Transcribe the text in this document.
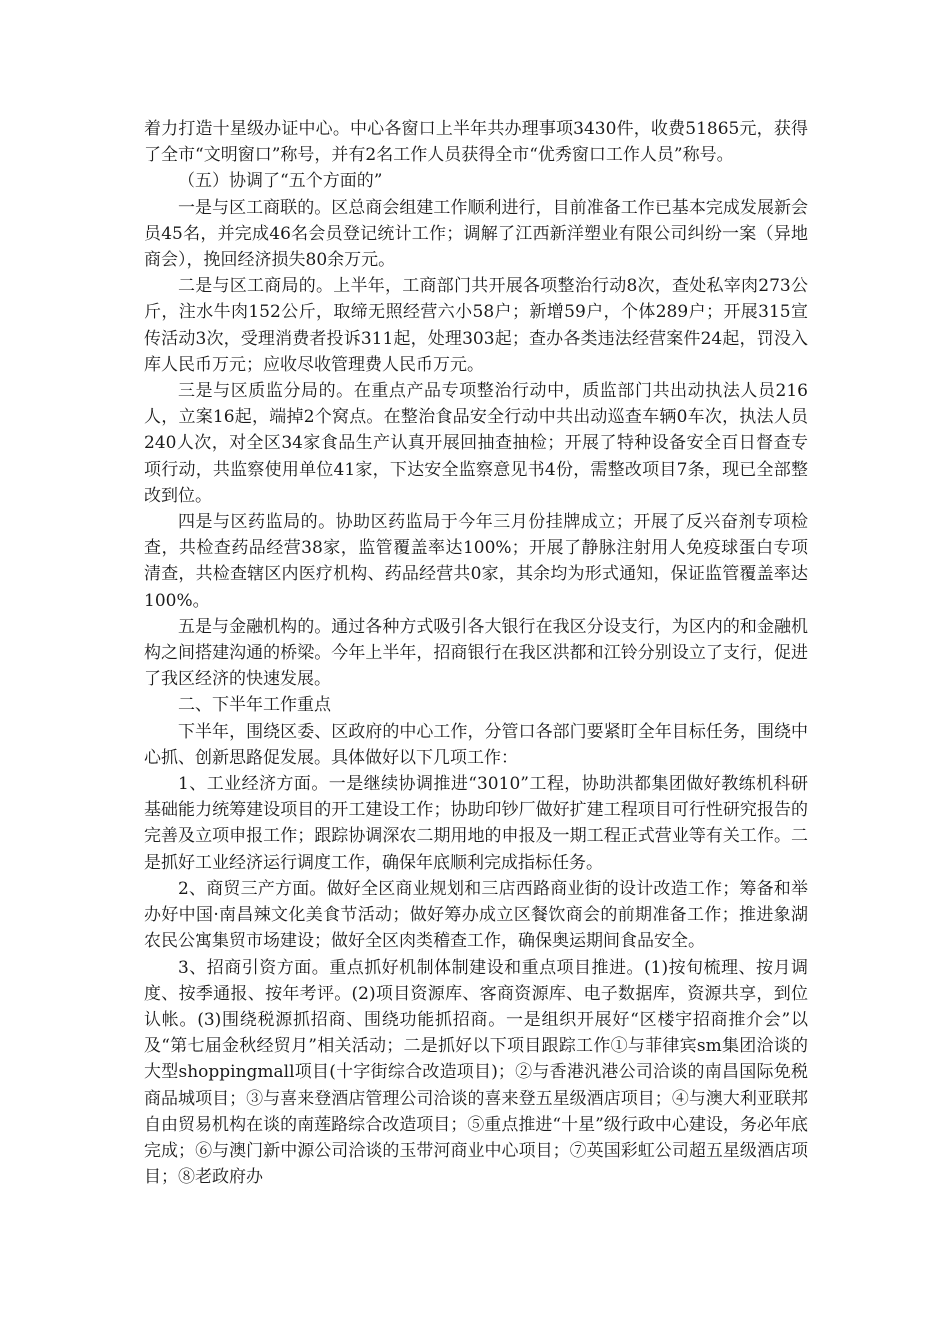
着力打造十星级办证中心。中心各窗口上半年共办理事项3430件，收费51865元，获得了全市“文明窗口”称号，并有2名工作人员获得全市“优秀窗口工作人员”称号。

（五）协调了“五个方面的”

一是与区工商联的。区总商会组建工作顺利进行，目前准备工作已基本完成发展新会员45名，并完成46名会员登记统计工作；调解了江西新洋塑业有限公司纠纷一案（异地商会），挽回经济损失80余万元。

二是与区工商局的。上半年，工商部门共开展各项整治行动8次，查处私宰肉273公斤，注水牛肉152公斤，取缔无照经营六小58户；新增59户，个体289户；开展315宣传活动3次，受理消费者投诉311起，处理303起；查办各类违法经营案件24起，罚没入库人民币万元；应收尽收管理费人民币万元。

三是与区质监分局的。在重点产品专项整治行动中，质监部门共出动执法人员216人，立案16起，端掉2个窝点。在整治食品安全行动中共出动巡查车辆0车次，执法人员240人次，对全区34家食品生产认真开展回抽查抽检；开展了特种设备安全百日督查专项行动，共监察使用单位41家，下达安全监察意见书4份，需整改项目7条，现已全部整改到位。

四是与区药监局的。协助区药监局于今年三月份挂牌成立；开展了反兴奋剂专项检查，共检查药品经营38家，监管覆盖率达100%；开展了静脉注射用人免疫球蛋白专项清查，共检查辖区内医疗机构、药品经营共0家，其余均为形式通知，保证监管覆盖率达100%。

五是与金融机构的。通过各种方式吸引各大银行在我区分设支行，为区内的和金融机构之间搭建沟通的桥梁。今年上半年，招商银行在我区洪都和江铃分别设立了支行，促进了我区经济的快速发展。

二、下半年工作重点

下半年，围绕区委、区政府的中心工作，分管口各部门要紧盯全年目标任务，围绕中心抓、创新思路促发展。具体做好以下几项工作：

1、工业经济方面。一是继续协调推进“3010”工程，协助洪都集团做好教练机科研基础能力统筹建设项目的开工建设工作；协助印钞厂做好扩建工程项目可行性研究报告的完善及立项申报工作；跟踪协调深农二期用地的申报及一期工程正式营业等有关工作。二是抓好工业经济运行调度工作，确保年底顺利完成指标任务。

2、商贸三产方面。做好全区商业规划和三店西路商业街的设计改造工作；筹备和举办好中国·南昌辣文化美食节活动；做好筹办成立区餐饮商会的前期准备工作；推进象湖农民公寓集贸市场建设；做好全区肉类稽查工作，确保奥运期间食品安全。

3、招商引资方面。重点抓好机制体制建设和重点项目推进。(1)按旬梳理、按月调度、按季通报、按年考评。(2)项目资源库、客商资源库、电子数据库，资源共享，到位认帐。(3)围绕税源抓招商、围绕功能抓招商。一是组织开展好“区楼宇招商推介会”以及“第七届金秋经贸月”相关活动；二是抓好以下项目跟踪工作①与菲律宾sm集团洽谈的大型shoppingmall项目(十字街综合改造项目)；②与香港汎港公司洽谈的南昌国际免税商品城项目；③与喜来登酒店管理公司洽谈的喜来登五星级酒店项目；④与澳大利亚联邦自由贸易机构在谈的南莲路综合改造项目；⑤重点推进“十星”级行政中心建设，务必年底完成；⑥与澳门新中源公司洽谈的玉带河商业中心项目；⑦英国彩虹公司超五星级酒店项目；⑧老政府办
